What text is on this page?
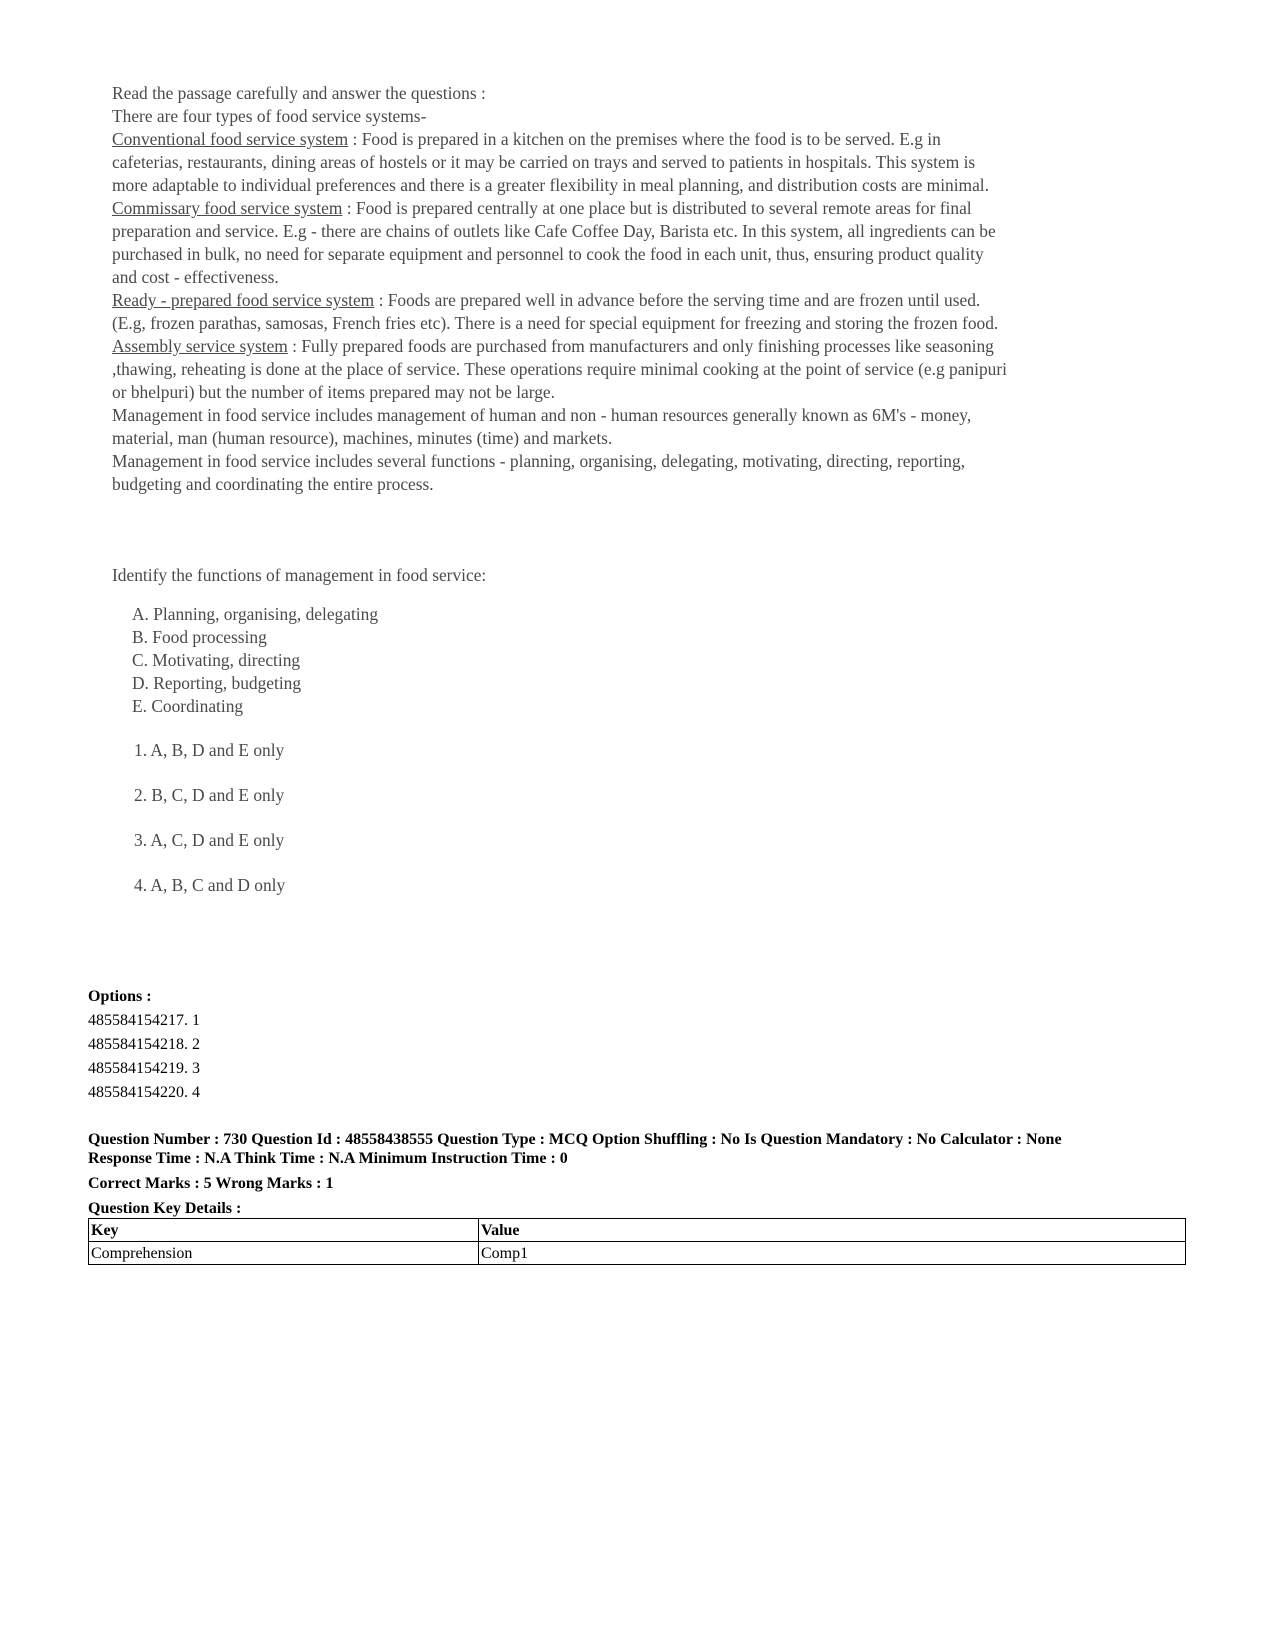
Read the passage carefully and answer the questions :

There are four types of food service systems-

Conventional food service system : Food is prepared in a kitchen on the premises where the food is to be served. E.g in cafeterias, restaurants, dining areas of hostels or it may be carried on trays and served to patients in hospitals. This system is more adaptable to individual preferences and there is a greater flexibility in meal planning, and distribution costs are minimal.

Commissary food service system : Food is prepared centrally at one place but is distributed to several remote areas for final preparation and service. E.g - there are chains of outlets like Cafe Coffee Day, Barista etc. In this system, all ingredients can be purchased in bulk, no need for separate equipment and personnel to cook the food in each unit, thus, ensuring product quality and cost - effectiveness.

Ready - prepared food service system : Foods are prepared well in advance before the serving time and are frozen until used.(E.g, frozen parathas, samosas, French fries etc). There is a need for special equipment for freezing and storing the frozen food.

Assembly service system : Fully prepared foods are purchased from manufacturers and only finishing processes like seasoning ,thawing, reheating is done at the place of service. These operations require minimal cooking at the point of service (e.g panipuri or bhelpuri) but the number of items prepared may not be large.

Management in food service includes management of human and non - human resources generally known as 6M's - money, material, man (human resource), machines, minutes (time) and markets.

Management in food service includes several functions - planning, organising, delegating, motivating, directing, reporting, budgeting and coordinating the entire process.

Identify the functions of management in food service:
A. Planning, organising, delegating
B. Food processing
C. Motivating, directing
D. Reporting, budgeting
E. Coordinating
1. A, B, D and E only
2. B, C, D and E only
3. A, C, D and E only
4. A, B, C and D only
Options :
485584154217. 1
485584154218. 2
485584154219. 3
485584154220. 4
Question Number : 730 Question Id : 48558438555 Question Type : MCQ Option Shuffling : No Is Question Mandatory : No Calculator : None
Response Time : N.A Think Time : N.A Minimum Instruction Time : 0
Correct Marks : 5 Wrong Marks : 1
Question Key Details :
Key	Value
Comprehension	Comp1
